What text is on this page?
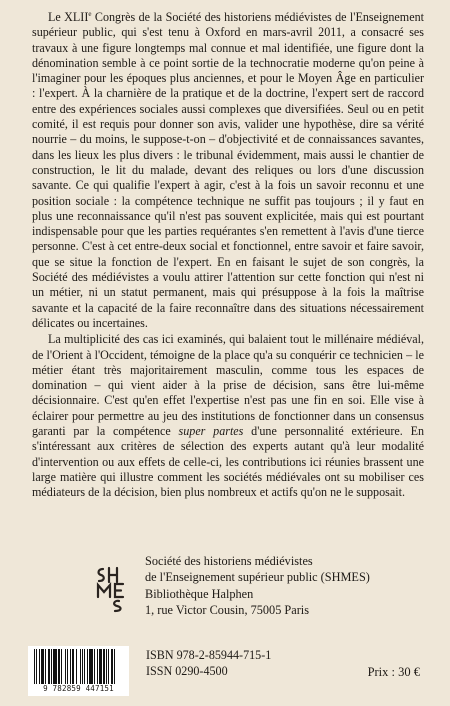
Le XLIIe Congrès de la Société des historiens médiévistes de l'Enseignement supérieur public, qui s'est tenu à Oxford en mars-avril 2011, a consacré ses travaux à une figure longtemps mal connue et mal identifiée, une figure dont la dénomination semble à ce point sortie de la technocratie moderne qu'on peine à l'imaginer pour les époques plus anciennes, et pour le Moyen Âge en particulier : l'expert. À la charnière de la pratique et de la doctrine, l'expert sert de raccord entre des expériences sociales aussi complexes que diversifiées. Seul ou en petit comité, il est requis pour donner son avis, valider une hypothèse, dire sa vérité nourrie – du moins, le suppose-t-on – d'objectivité et de connaissances savantes, dans les lieux les plus divers : le tribunal évidemment, mais aussi le chantier de construction, le lit du malade, devant des reliques ou lors d'une discussion savante. Ce qui qualifie l'expert à agir, c'est à la fois un savoir reconnu et une position sociale : la compétence technique ne suffit pas toujours ; il y faut en plus une reconnaissance qu'il n'est pas souvent explicitée, mais qui est pourtant indispensable pour que les parties requérantes s'en remettent à l'avis d'une tierce personne. C'est à cet entre-deux social et fonctionnel, entre savoir et faire savoir, que se situe la fonction de l'expert. En en faisant le sujet de son congrès, la Société des médiévistes a voulu attirer l'attention sur cette fonction qui n'est ni un métier, ni un statut permanent, mais qui présuppose à la fois la maîtrise savante et la capacité de la faire reconnaître dans des situations nécessairement délicates ou incertaines.

La multiplicité des cas ici examinés, qui balaient tout le millénaire médiéval, de l'Orient à l'Occident, témoigne de la place qu'a su conquérir ce technicien – le métier étant très majoritairement masculin, comme tous les espaces de domination – qui vient aider à la prise de décision, sans être lui-même décisionnaire. C'est qu'en effet l'expertise n'est pas une fin en soi. Elle vise à éclairer pour permettre au jeu des institutions de fonctionner dans un consensus garanti par la compétence super partes d'une personnalité extérieure. En s'intéressant aux critères de sélection des experts autant qu'à leur modalité d'intervention ou aux effets de celle-ci, les contributions ici réunies brassent une large matière qui illustre comment les sociétés médiévales ont su mobiliser ces médiateurs de la décision, bien plus nombreux et actifs qu'on ne le supposait.

Société des historiens médiévistes
de l'Enseignement supérieur public (SHMES)
Bibliothèque Halphen
1, rue Victor Cousin, 75005 Paris
9 782859 447151
ISBN 978-2-85944-715-1
ISSN 0290-4500	Prix : 30 €
